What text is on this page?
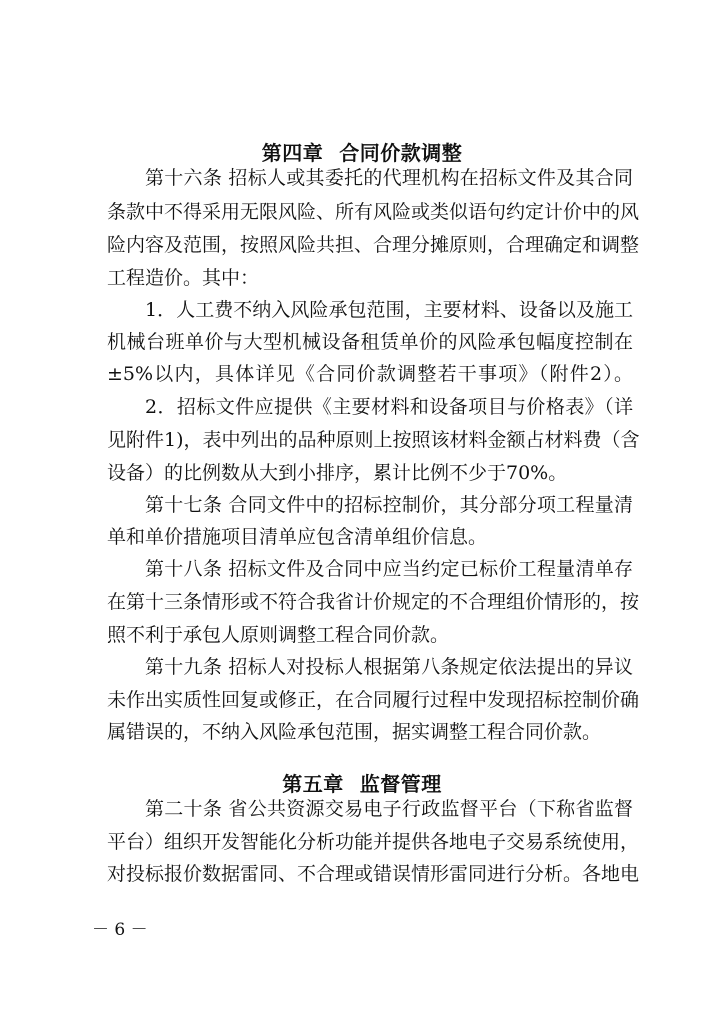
第四章 合同价款调整
第十六条 招标人或其委托的代理机构在招标文件及其合同
条款中不得采用无限风险、所有风险或类似语句约定计价中的风
险内容及范围，按照风险共担、合理分摊原则，合理确定和调整
工程造价。其中：
1．人工费不纳入风险承包范围，主要材料、设备以及施工
机械台班单价与大型机械设备租赁单价的风险承包幅度控制在
±5%以内，具体详见《合同价款调整若干事项》（附件2）。
2．招标文件应提供《主要材料和设备项目与价格表》（详
见附件1)，表中列出的品种原则上按照该材料金额占材料费（含
设备）的比例数从大到小排序，累计比例不少于70%。
第十七条 合同文件中的招标控制价，其分部分项工程量清
单和单价措施项目清单应包含清单组价信息。
第十八条 招标文件及合同中应当约定已标价工程量清单存
在第十三条情形或不符合我省计价规定的不合理组价情形的，按
照不利于承包人原则调整工程合同价款。
第十九条 招标人对投标人根据第八条规定依法提出的异议
未作出实质性回复或修正，在合同履行过程中发现招标控制价确
属错误的，不纳入风险承包范围，据实调整工程合同价款。
第五章 监督管理
第二十条 省公共资源交易电子行政监督平台（下称省监督
平台）组织开发智能化分析功能并提供各地电子交易系统使用，
对投标报价数据雷同、不合理或错误情形雷同进行分析。各地电
－ 6 －
